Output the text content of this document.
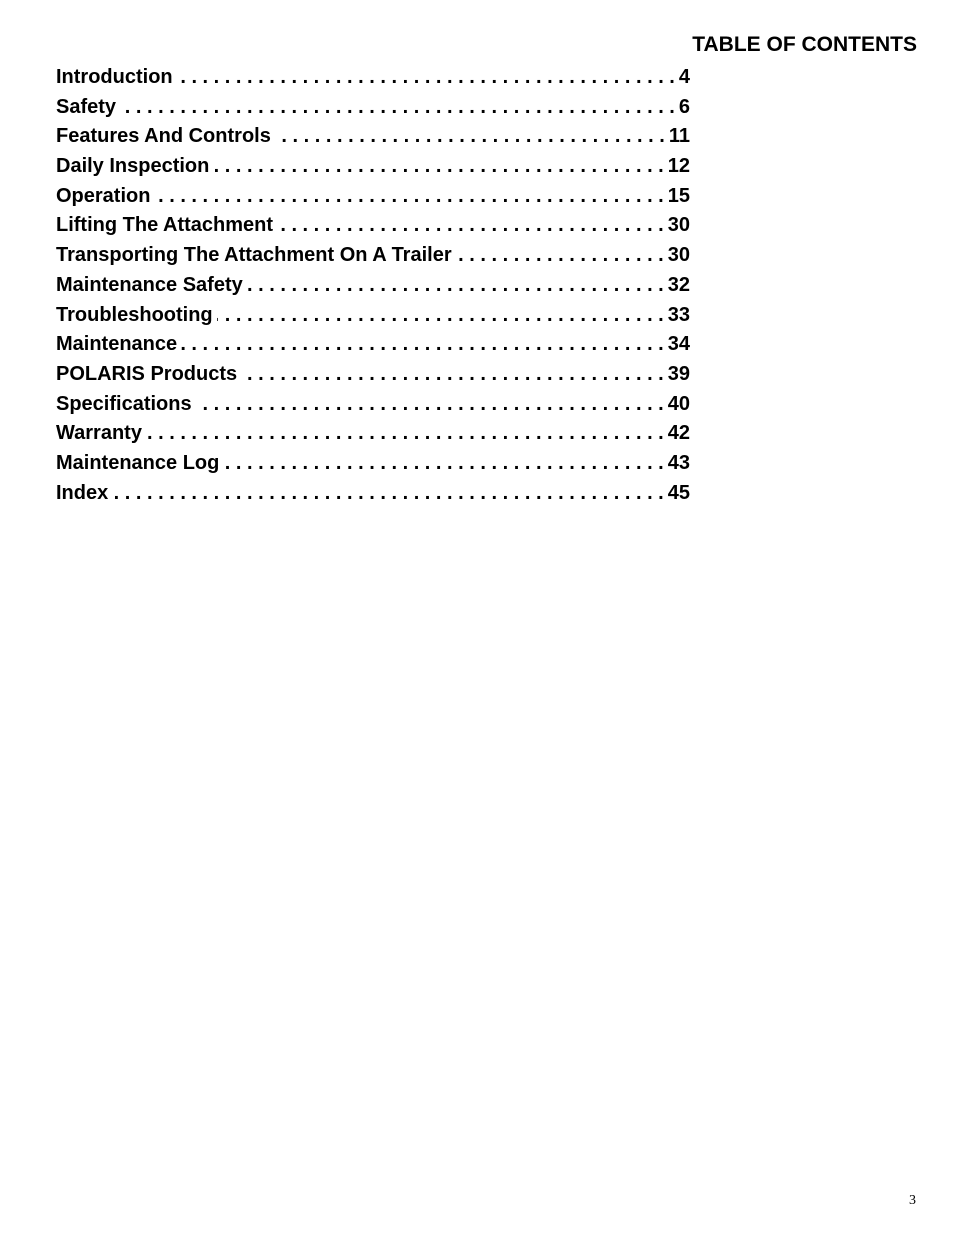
TABLE OF CONTENTS
Introduction . . .	4
Safety . . .	6
Features And Controls . . .	11
Daily Inspection . . .	12
Operation . . .	15
Lifting The Attachment . . .	30
Transporting The Attachment On A Trailer . . .	30
Maintenance Safety . . .	32
Troubleshooting . . .	33
Maintenance . . .	34
POLARIS Products . . .	39
Specifications . . .	40
Warranty . . .	42
Maintenance Log . . .	43
Index . . .	45
3
